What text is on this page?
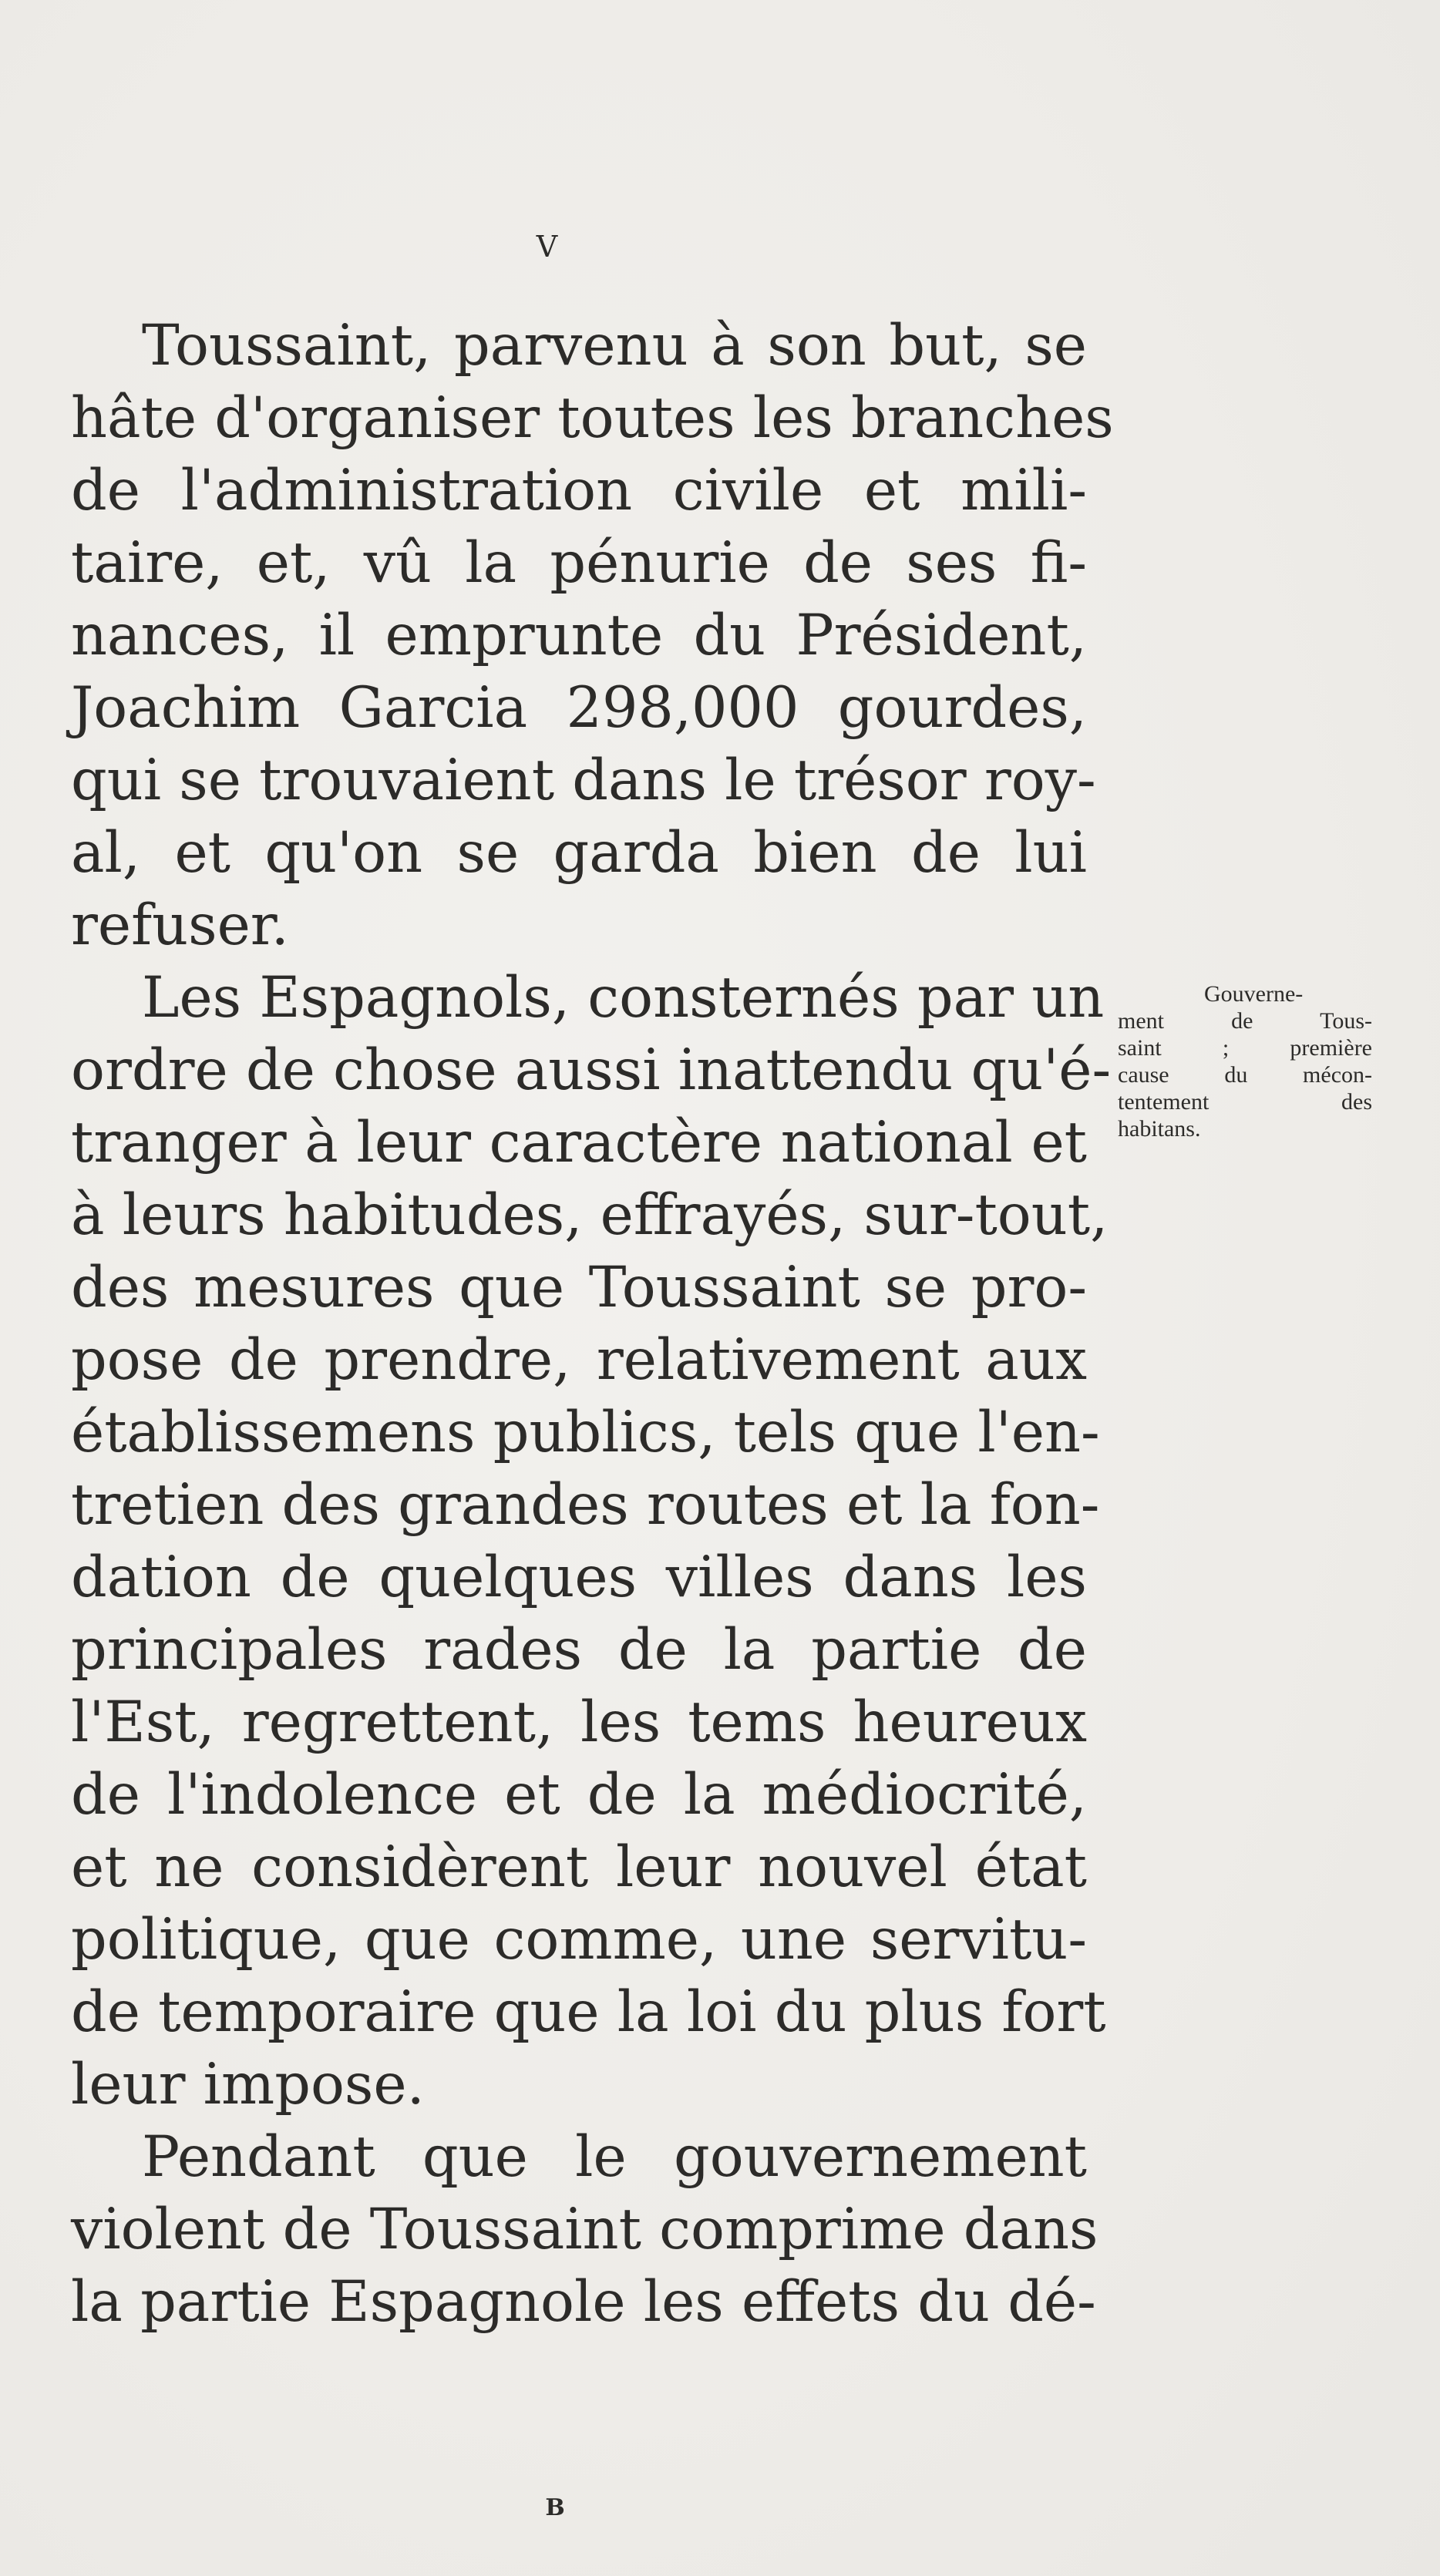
V
Toussaint, parvenu à son but, se
hâte d'organiser toutes les branches
de l'administration civile et mili-
taire, et, vû la pénurie de ses fi-
nances, il emprunte du Président,
Joachim Garcia 298,000 gourdes,
qui se trouvaient dans le trésor roy-
al, et qu'on se garda bien de lui
refuser.
Les Espagnols, consternés par un
ordre de chose aussi inattendu qu'é-
tranger à leur caractère national et
à leurs habitudes, effrayés, sur-tout,
des mesures que Toussaint se pro-
pose de prendre, relativement aux
établissemens publics, tels que l'en-
tretien des grandes routes et la fon-
dation de quelques villes dans les
principales rades de la partie de
l'Est, regrettent, les tems heureux
de l'indolence et de la médiocrité,
et ne considèrent leur nouvel état
politique, que comme, une servitu-
de temporaire que la loi du plus fort
leur impose.
Pendant que le gouvernement
violent de Toussaint comprime dans
la partie Espagnole les effets du dé-
Gouverne-
ment de Tous-
saint ; première
cause du mécon-
tentement des
habitans.
B
